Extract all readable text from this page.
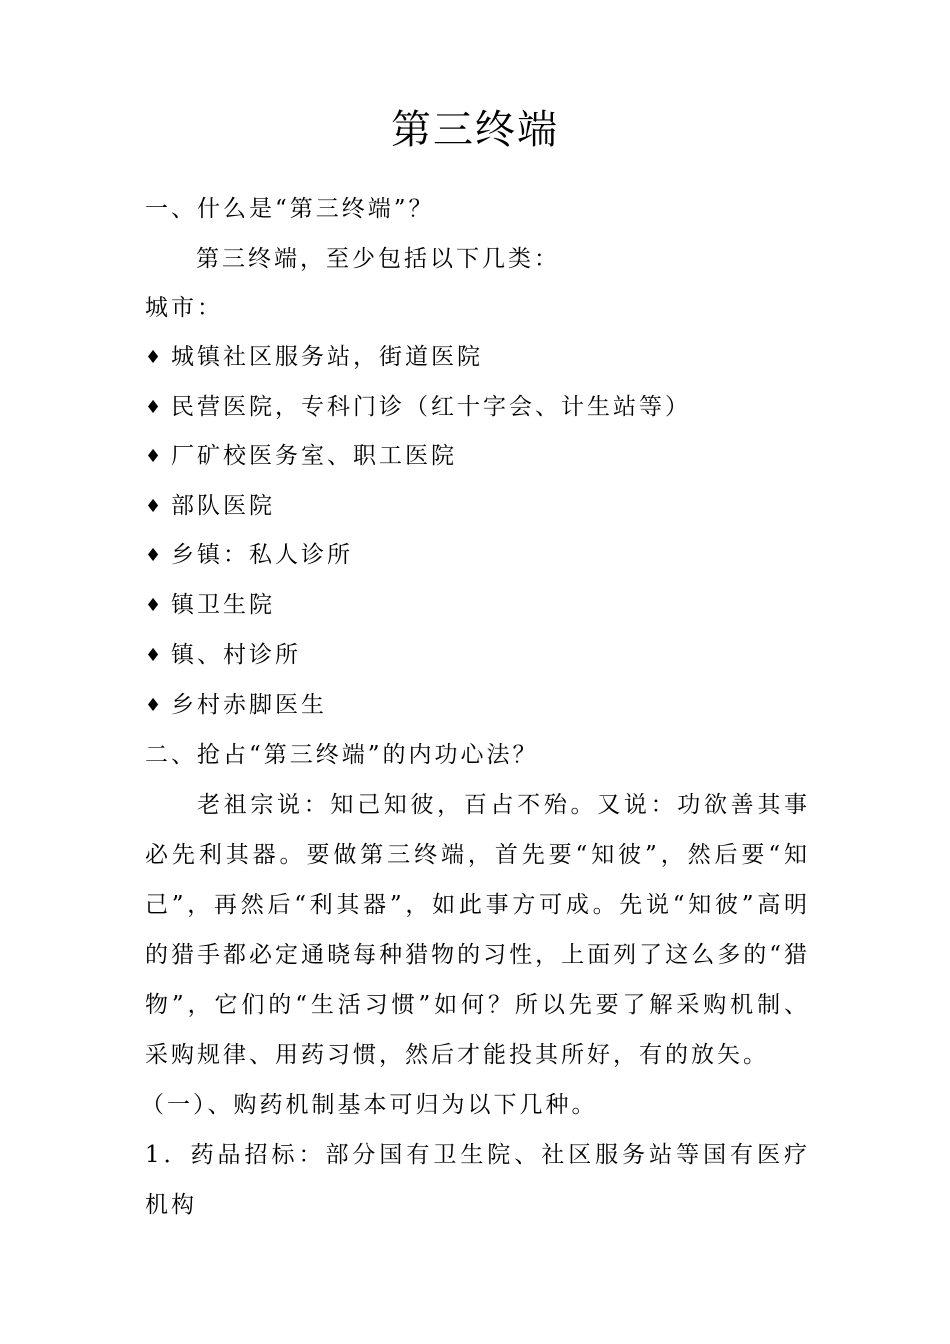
第三终端
一、什么是“第三终端”？
第三终端，至少包括以下几类：
城市：
♦ 城镇社区服务站，街道医院
♦ 民营医院，专科门诊（红十字会、计生站等）
♦ 厂矿校医务室、职工医院
♦ 部队医院
♦ 乡镇：私人诊所
♦ 镇卫生院
♦ 镇、村诊所
♦ 乡村赤脚医生
二、抢占“第三终端”的内功心法？
老祖宗说：知己知彼，百占不殆。又说：功欲善其事必先利其器。要做第三终端，首先要“知彼”，然后要“知己”，再然后“利其器”，如此事方可成。先说“知彼”高明的猎手都必定通晓每种猎物的习性，上面列了这么多的“猎物”，它们的“生活习惯”如何？所以先要了解采购机制、采购规律、用药习惯，然后才能投其所好，有的放矢。
（一）、购药机制基本可归为以下几种。
1．药品招标：部分国有卫生院、社区服务站等国有医疗机构
